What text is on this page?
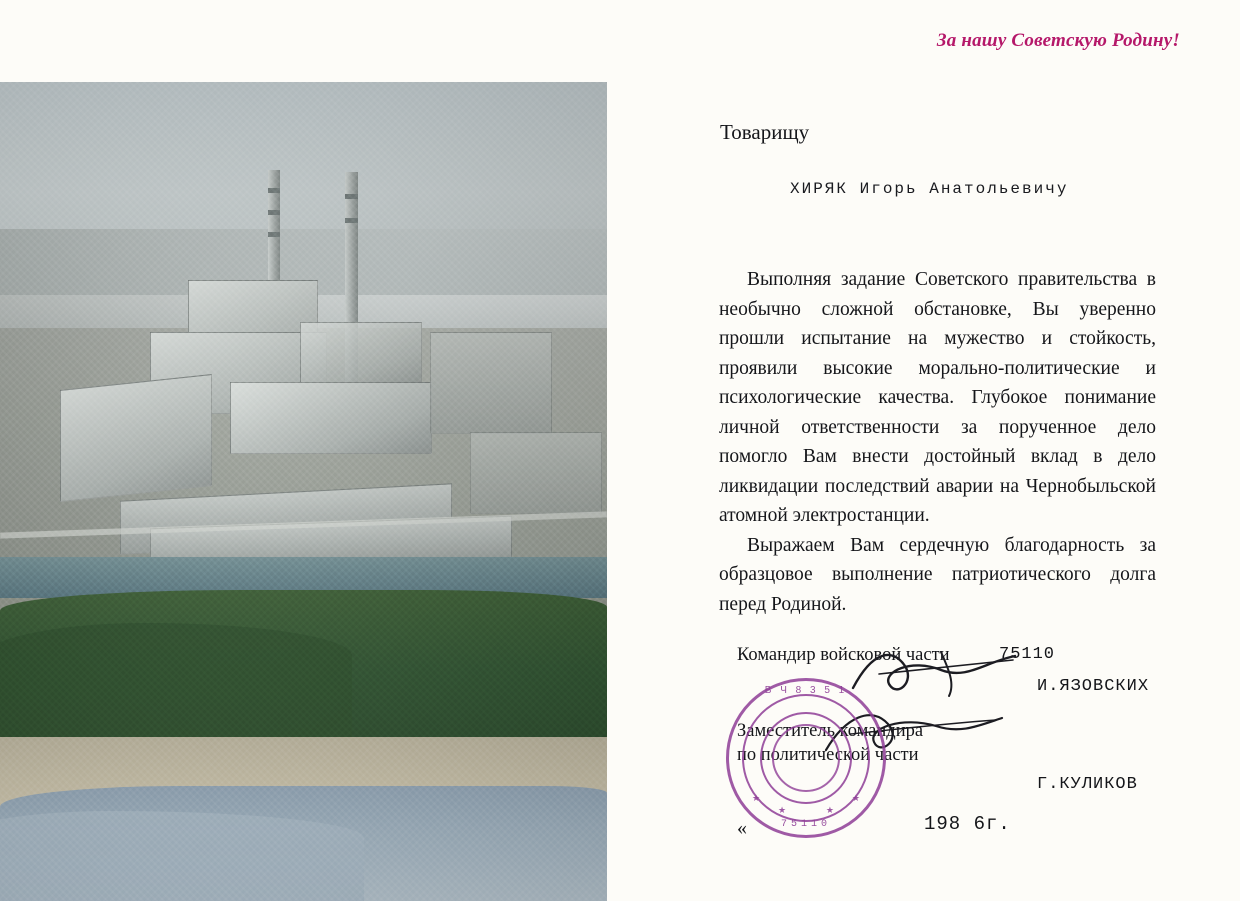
За нашу Советскую Родину!
Товарищу
ХИРЯК Игорь Анатольевичу

Выполняя задание Советского правительства в необычно сложной обстановке, Вы уверенно прошли испытание на мужество и стойкость, проявили высокие морально-политические и психологические качества. Глубокое понимание личной ответственности за порученное дело помогло Вам внести достойный вклад в дело ликвидации последствий аварии на Чернобыльской атомной электростанции.

Выражаем Вам сердечную благодарность за образцовое выполнение патриотического долга перед Родиной.

Командир войсковой части	75110
И.ЯЗОВСКИХ
Заместитель командира
по политической части
Г.КУЛИКОВ
«	198 6г.
В Ч 8 3 5 1
75110
★
★	★
★
